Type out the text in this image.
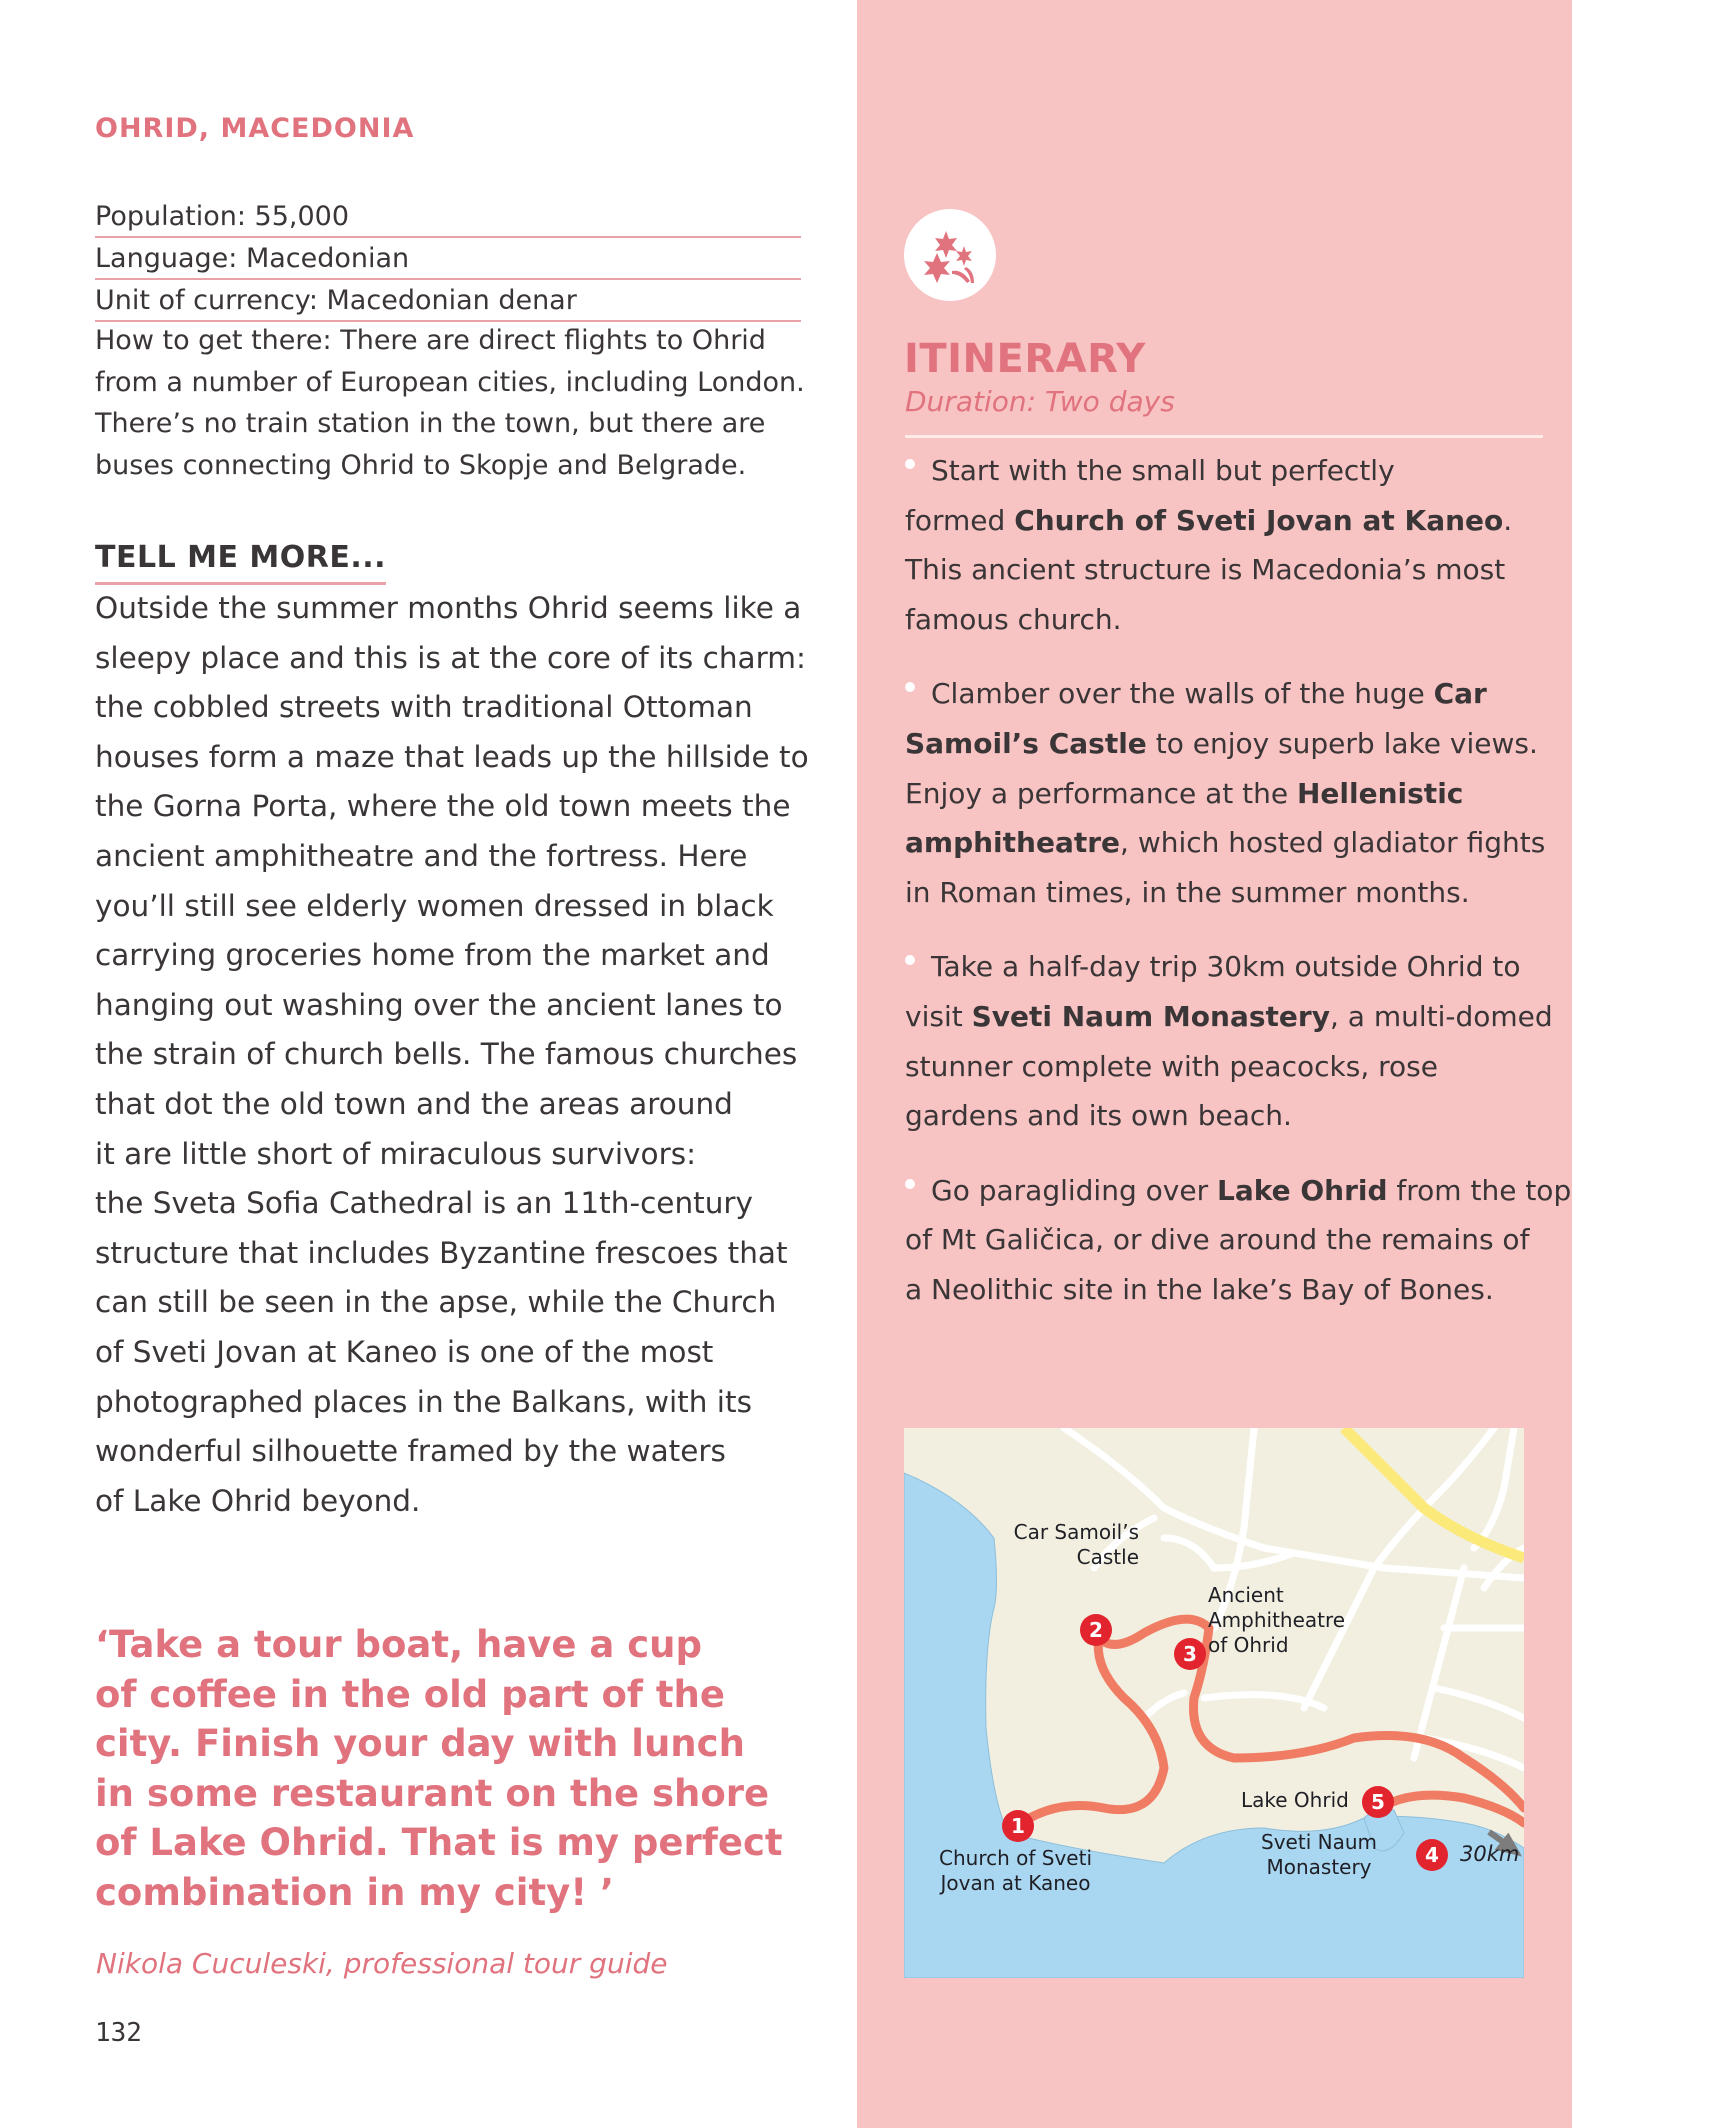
OHRID, MACEDONIA
Population: 55,000
Language: Macedonian
Unit of currency: Macedonian denar
How to get there: There are direct flights to Ohrid
from a number of European cities, including London.
There’s no train station in the town, but there are
buses connecting Ohrid to Skopje and Belgrade.
TELL ME MORE...
Outside the summer months Ohrid seems like a
sleepy place and this is at the core of its charm:
the cobbled streets with traditional Ottoman
houses form a maze that leads up the hillside to
the Gorna Porta, where the old town meets the
ancient amphitheatre and the fortress. Here
you’ll still see elderly women dressed in black
carrying groceries home from the market and
hanging out washing over the ancient lanes to
the strain of church bells. The famous churches
that dot the old town and the areas around
it are little short of miraculous survivors:
the Sveta Sofia Cathedral is an 11th-century
structure that includes Byzantine frescoes that
can still be seen in the apse, while the Church
of Sveti Jovan at Kaneo is one of the most
photographed places in the Balkans, with its
wonderful silhouette framed by the waters
of Lake Ohrid beyond.
‘Take a tour boat, have a cup
of coffee in the old part of the
city. Finish your day with lunch
in some restaurant on the shore
of Lake Ohrid. That is my perfect
combination in my city! ’
Nikola Cuculeski, professional tour guide
132
ITINERARY
Duration: Two days
Start with the small but perfectly
formed Church of Sveti Jovan at Kaneo.
This ancient structure is Macedonia’s most
famous church.
Clamber over the walls of the huge Car
Samoil’s Castle to enjoy superb lake views.
Enjoy a performance at the Hellenistic
amphitheatre, which hosted gladiator fights
in Roman times, in the summer months.
Take a half-day trip 30km outside Ohrid to
visit Sveti Naum Monastery, a multi-domed
stunner complete with peacocks, rose
gardens and its own beach.
Go paragliding over Lake Ohrid from the top
of Mt Galičica, or dive around the remains of
a Neolithic site in the lake’s Bay of Bones.
Car Samoil’s
Castle
2
Ancient
Amphitheatre
of Ohrid
3
1
Church of Sveti
Jovan at Kaneo
Lake Ohrid	5
Sveti Naum
Monastery	4	30km
